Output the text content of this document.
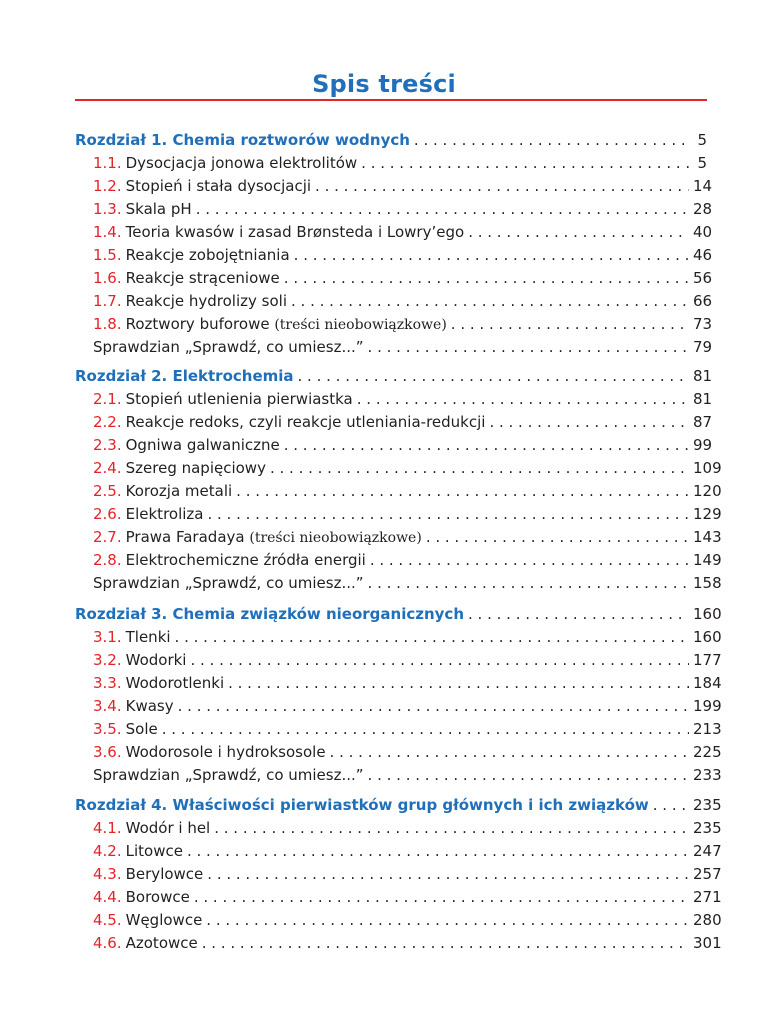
Spis treści
Rozdział 1. Chemia roztworów wodnych . . .	5
1.1. Dysocjacja jonowa elektrolitów . . .	5
1.2. Stopień i stała dysocjacji . . .	14
1.3. Skala pH . . .	28
1.4. Teoria kwasów i zasad Brønsteda i Lowry’ego . . .	40
1.5. Reakcje zobojętniania . . .	46
1.6. Reakcje strąceniowe . . .	56
1.7. Reakcje hydrolizy soli . . .	66
1.8. Roztwory buforowe (treści nieobowiązkowe) . . .	73
Sprawdzian „Sprawdź, co umiesz...” . . .	79
Rozdział 2. Elektrochemia . . .	81
2.1. Stopień utlenienia pierwiastka . . .	81
2.2. Reakcje redoks, czyli reakcje utleniania-redukcji . . .	87
2.3. Ogniwa galwaniczne . . .	99
2.4. Szereg napięciowy . . .	109
2.5. Korozja metali . . .	120
2.6. Elektroliza . . .	129
2.7. Prawa Faradaya (treści nieobowiązkowe) . . .	143
2.8. Elektrochemiczne źródła energii . . .	149
Sprawdzian „Sprawdź, co umiesz...” . . .	158
Rozdział 3. Chemia związków nieorganicznych . . .	160
3.1. Tlenki . . .	160
3.2. Wodorki . . .	177
3.3. Wodorotlenki . . .	184
3.4. Kwasy . . .	199
3.5. Sole . . .	213
3.6. Wodorosole i hydroksosole . . .	225
Sprawdzian „Sprawdź, co umiesz...” . . .	233
Rozdział 4. Właściwości pierwiastków grup głównych i ich związków . . .	235
4.1. Wodór i hel . . .	235
4.2. Litowce . . .	247
4.3. Berylowce . . .	257
4.4. Borowce . . .	271
4.5. Węglowce . . .	280
4.6. Azotowce . . .	301
